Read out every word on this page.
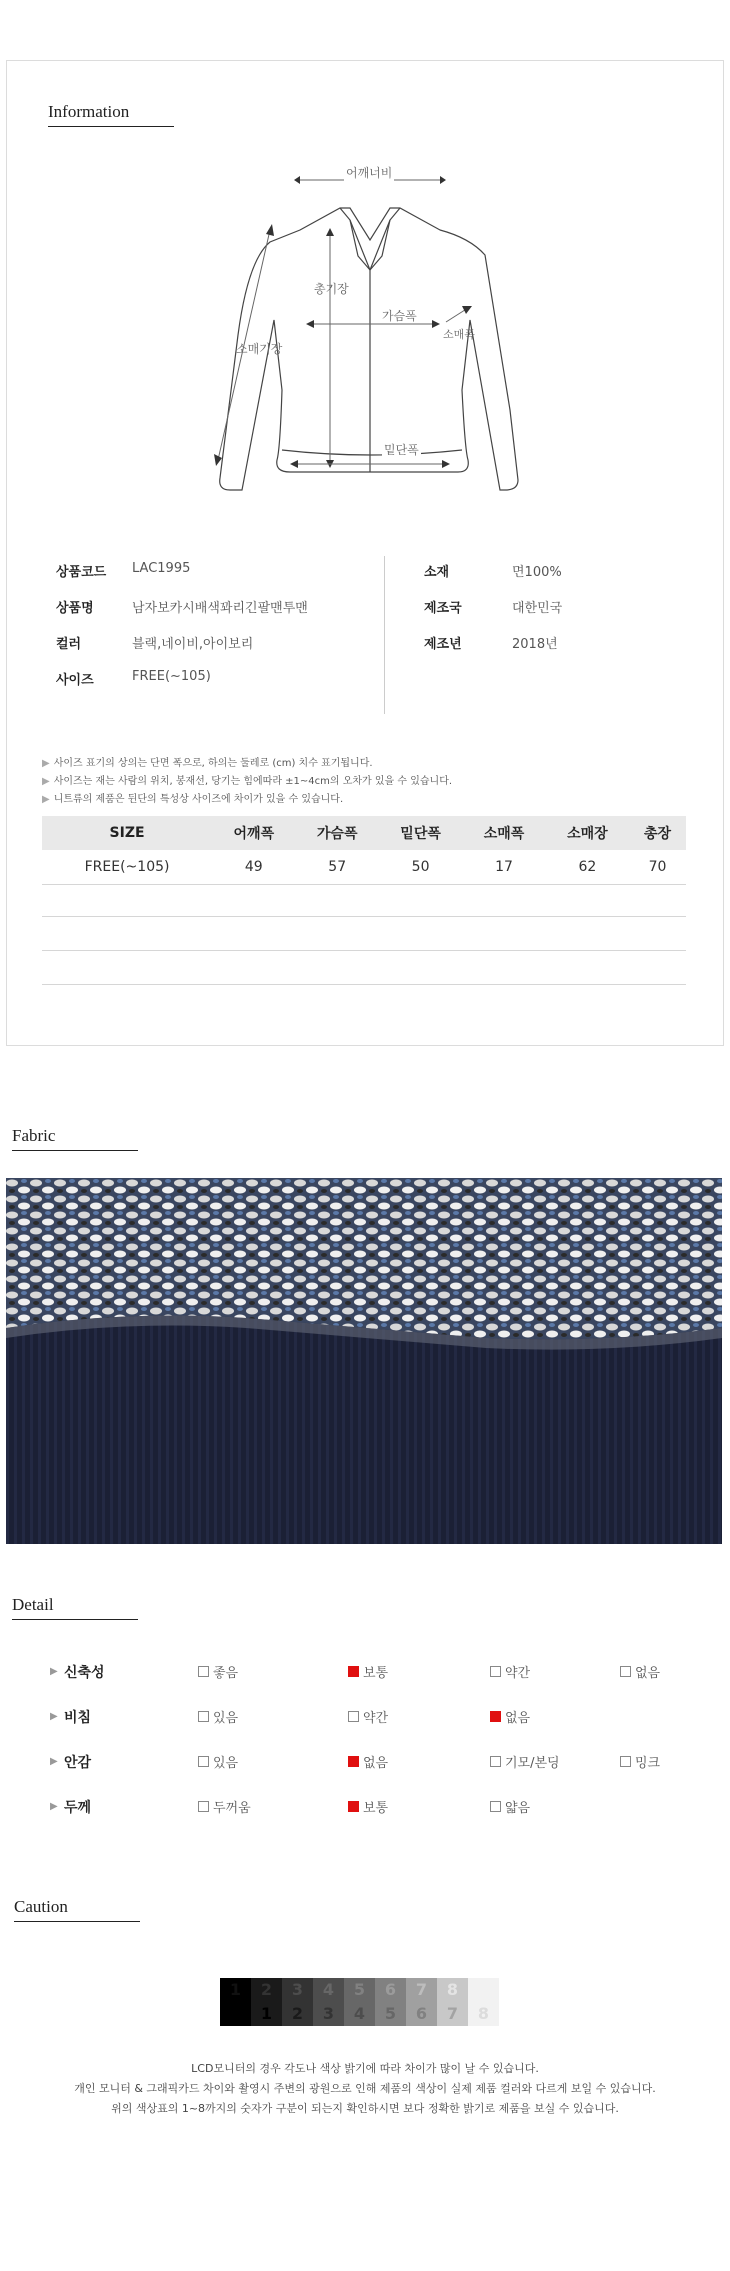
Information
어깨너비
총기장
가슴폭
소매폭
소매기장
밑단폭
상품코드 LAC1995
상품명	남자보카시배색꽈리긴팔맨투맨
컬러	블랙,네이비,아이보리
사이즈	FREE(~105)
소재	면100%
제조국	대한민국
제조년	2018년
▶ 사이즈 표기의 상의는 단면 폭으로, 하의는 둘레로 (cm) 치수 표기됩니다.
▶ 사이즈는 재는 사람의 위치, 봉재선, 당기는 힘에따라 ±1~4cm의 오차가 있을 수 있습니다.
▶ 니트류의 제품은 뒨단의 특성상 사이즈에 차이가 있을 수 있습니다.
SIZE	어깨폭	가슴폭	밑단폭	소매폭	소매장	총장
FREE(~105)	49	57	50	17	62	70
Fabric
Detail
▶ 신축성	좋음	보통	약간	없음
▶ 비침	있음	약간	없음
▶ 안감	있음	없음	기모/본딩	밍크
▶ 두께	두꺼움	보통	얇음
Caution
1	2
1
3
2
4
3
5
4
6
5
7
6
8
7	8
LCD모니터의 경우 각도나 색상 밝기에 따라 차이가 많이 날 수 있습니다.
개인 모니터 & 그래픽카드 차이와 촬영시 주변의 광원으로 인해 제품의 색상이 실제 제품 컬러와 다르게 보일 수 있습니다.
위의 색상표의 1~8까지의 숫자가 구분이 되는지 확인하시면 보다 정확한 밝기로 제품을 보실 수 있습니다.
